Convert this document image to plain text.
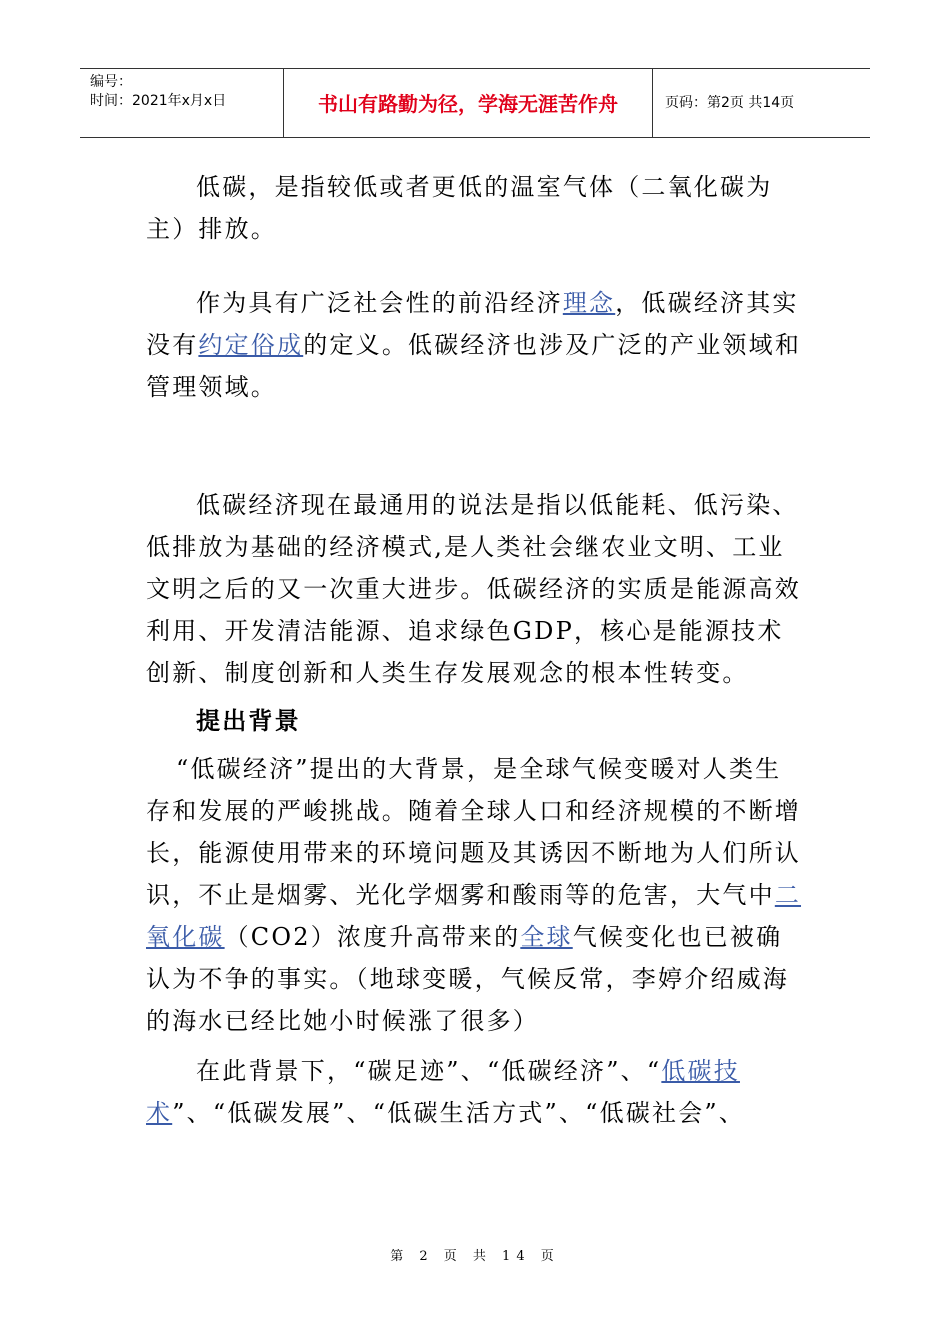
编号：
时间：2021年x月x日	书山有路勤为径，学海无涯苦作舟	页码：第2页 共14页

低碳，是指较低或者更低的温室气体（二氧化碳为主）排放。

作为具有广泛社会性的前沿经济理念，低碳经济其实没有约定俗成的定义。低碳经济也涉及广泛的产业领域和管理领域。

低碳经济现在最通用的说法是指以低能耗、低污染、低排放为基础的经济模式,是人类社会继农业文明、工业文明之后的又一次重大进步。低碳经济的实质是能源高效利用、开发清洁能源、追求绿色GDP，核心是能源技术创新、制度创新和人类生存发展观念的根本性转变。

提出背景

“低碳经济”提出的大背景，是全球气候变暖对人类生存和发展的严峻挑战。随着全球人口和经济规模的不断增长，能源使用带来的环境问题及其诱因不断地为人们所认识，不止是烟雾、光化学烟雾和酸雨等的危害，大气中二氧化碳（CO2）浓度升高带来的全球气候变化也已被确认为不争的事实。（地球变暖，气候反常，李婷介绍威海的海水已经比她小时候涨了很多）

在此背景下，“碳足迹”、“低碳经济”、“低碳技术”、“低碳发展”、“低碳生活方式”、“低碳社会”、

第 2 页 共 14 页
